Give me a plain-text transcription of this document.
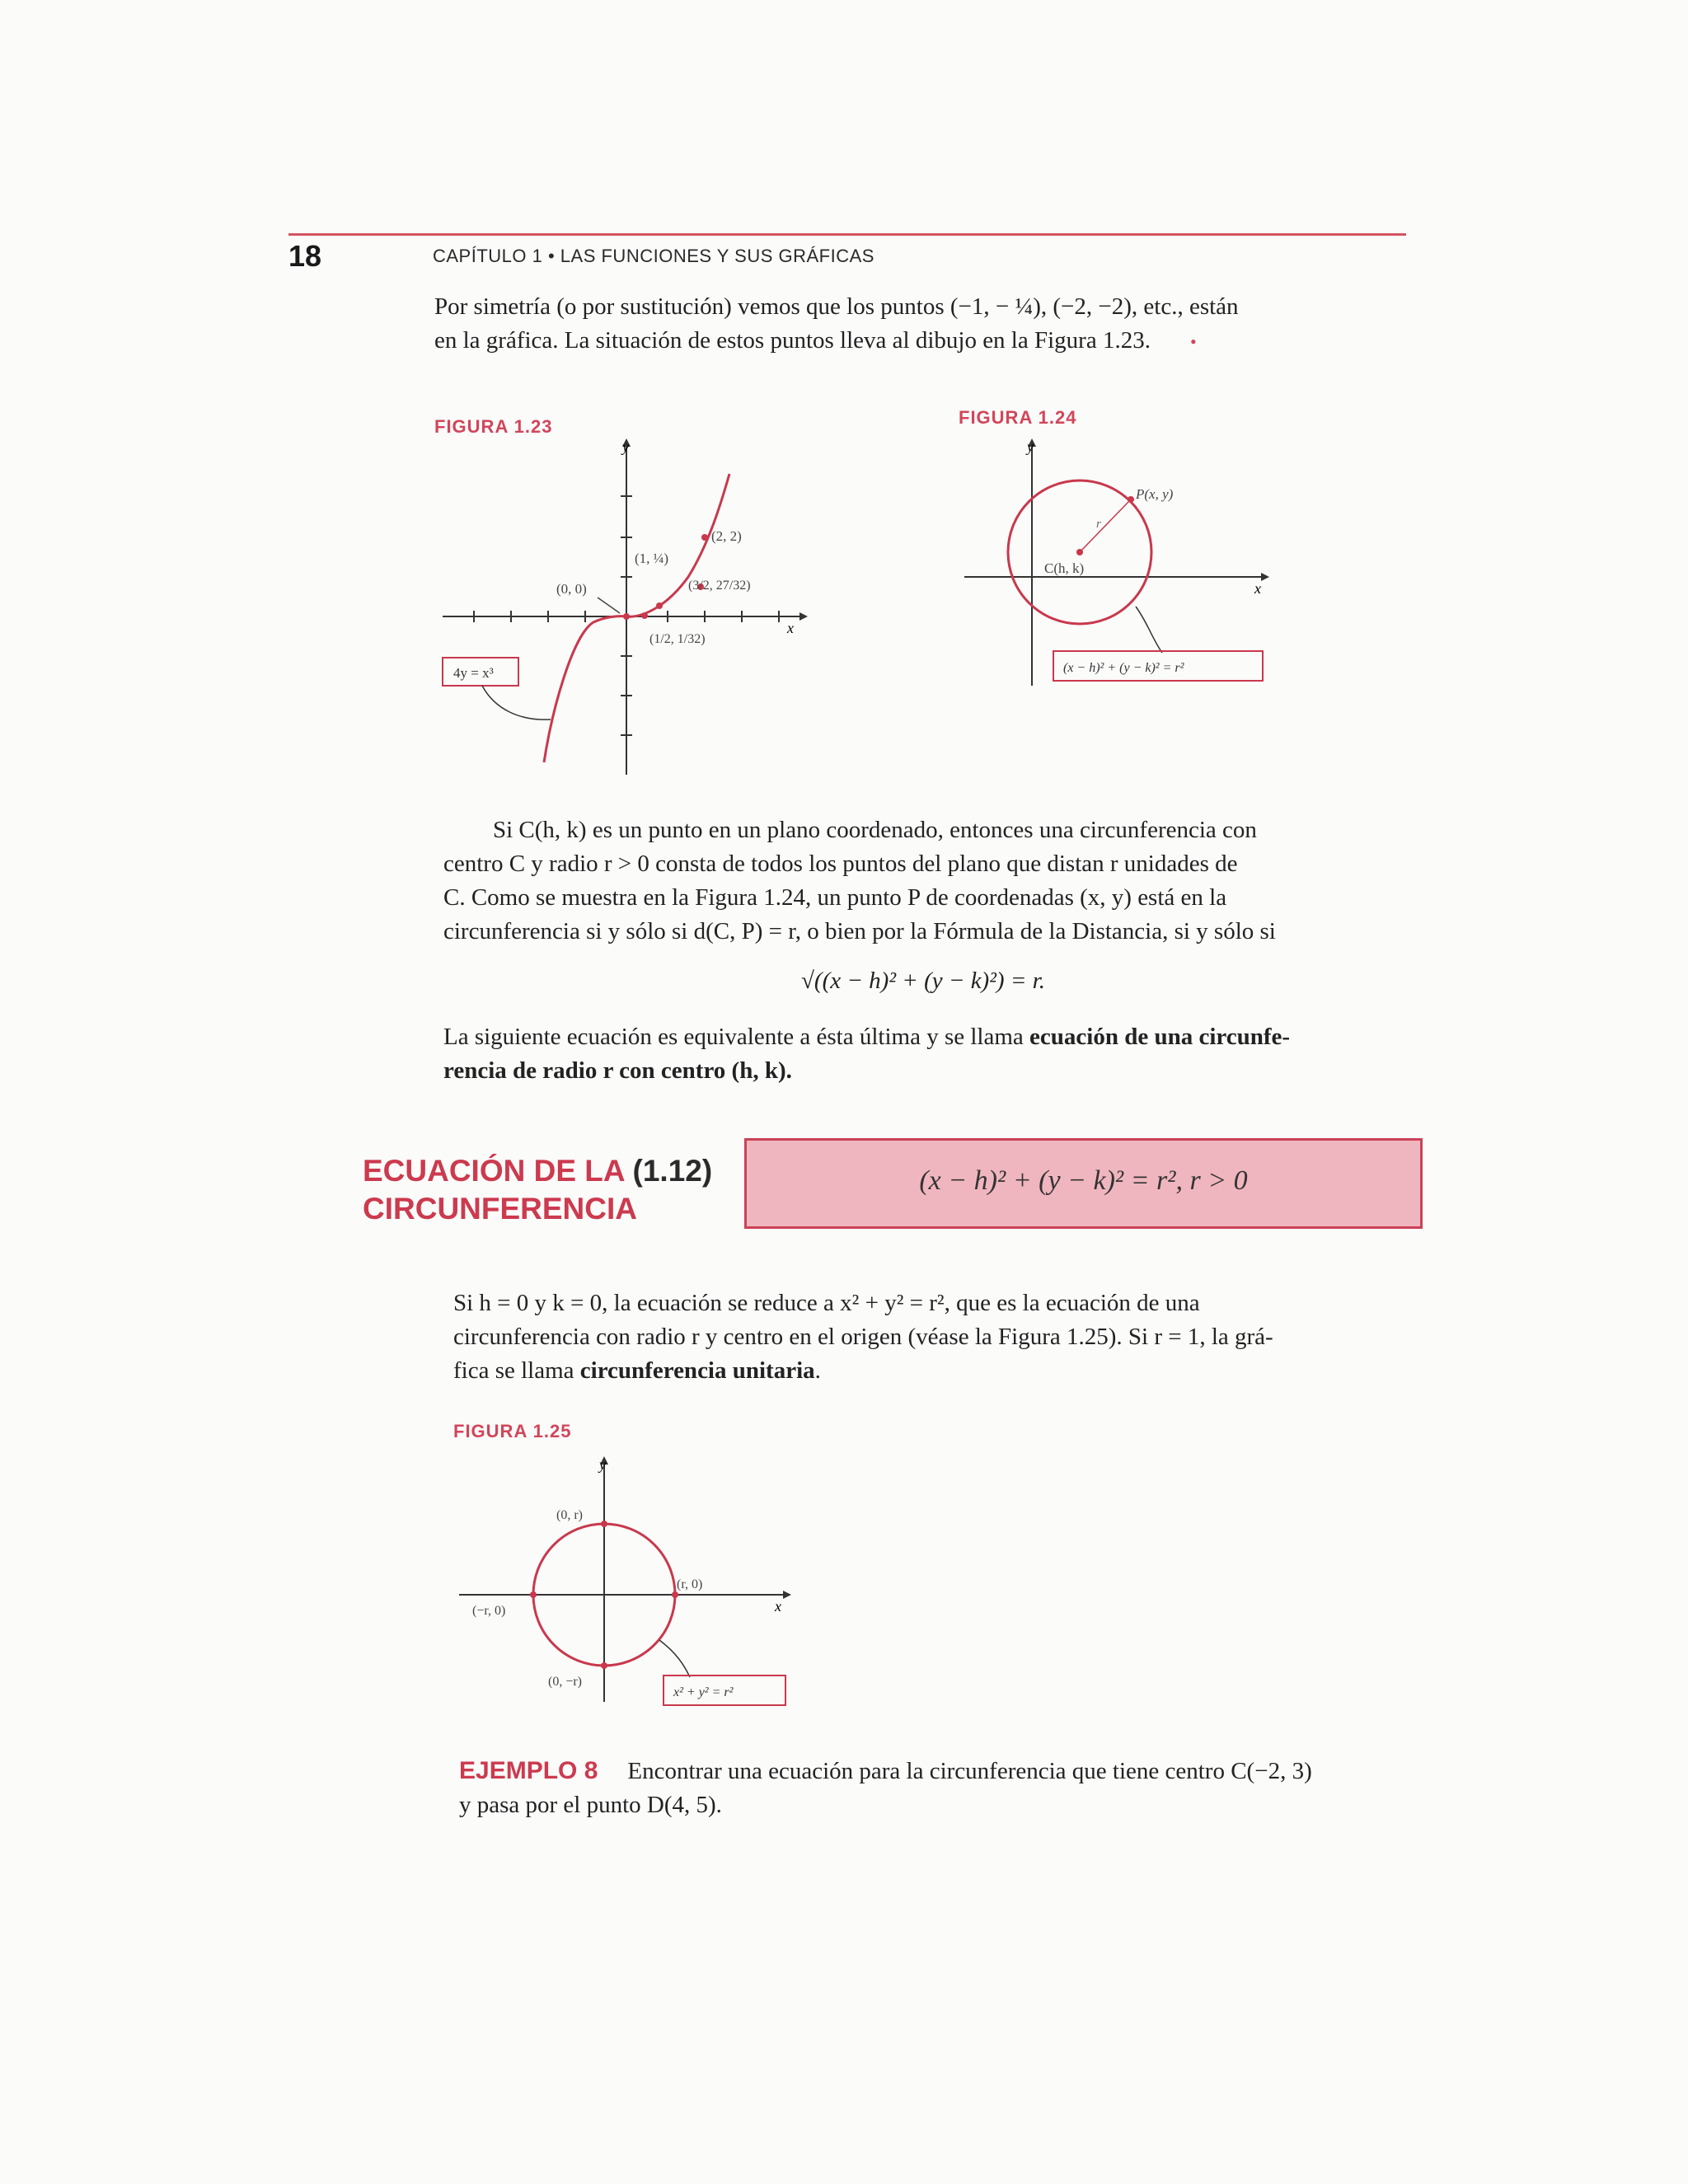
18	CAPÍTULO 1 • LAS FUNCIONES Y SUS GRÁFICAS
Por simetría (o por sustitución) vemos que los puntos (−1, − ¼), (−2, −2), etc., están
en la gráfica. La situación de estos puntos lleva al dibujo en la Figura 1.23. •
FIGURA 1.23
y
x
(0, 0)
(1, ¼)
(2, 2)
(3/2, 27/32)
(1/2, 1/32)
4y = x³
FIGURA 1.24
C(h, k)
P(x, y)
r
y
x
(x − h)² + (y − k)² = r²
Si C(h, k) es un punto en un plano coordenado, entonces una circunferencia con
centro C y radio r > 0 consta de todos los puntos del plano que distan r unidades de
C. Como se muestra en la Figura 1.24, un punto P de coordenadas (x, y) está en la
circunferencia si y sólo si d(C, P) = r, o bien por la Fórmula de la Distancia, si y sólo si
√((x − h)² + (y − k)²) = r.
La siguiente ecuación es equivalente a ésta última y se llama ecuación de una circunfe-
rencia de radio r con centro (h, k).
ECUACIÓN DE LA (1.12)
CIRCUNFERENCIA
(x − h)² + (y − k)² = r², r > 0
Si h = 0 y k = 0, la ecuación se reduce a x² + y² = r², que es la ecuación de una
circunferencia con radio r y centro en el origen (véase la Figura 1.25). Si r = 1, la grá-
fica se llama circunferencia unitaria.
FIGURA 1.25
y
x
(0, r)
(r, 0)
(−r, 0)
(0, −r)
x² + y² = r²
EJEMPLO 8 Encontrar una ecuación para la circunferencia que tiene centro C(−2, 3)
y pasa por el punto D(4, 5).
